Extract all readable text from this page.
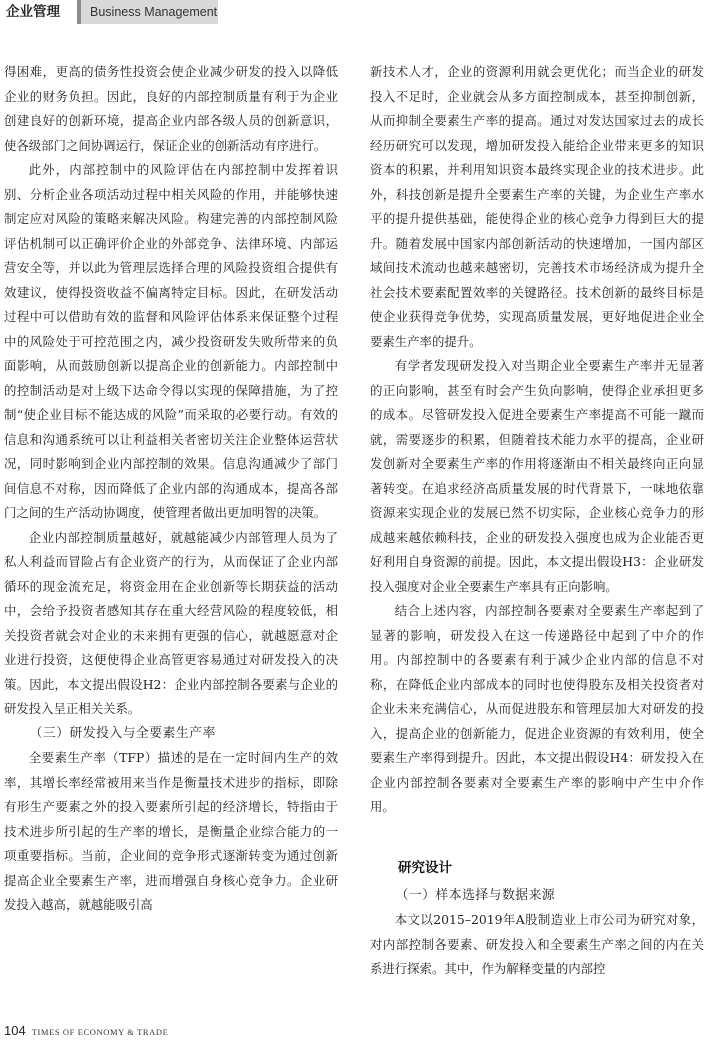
企业管理 Business Management

得困难，更高的债务性投资会使企业减少研发的投入以降低企业的财务负担。因此，良好的内部控制质量有利于为企业创建良好的创新环境，提高企业内部各级人员的创新意识，使各级部门之间协调运行，保证企业的创新活动有序进行。

此外，内部控制中的风险评估在内部控制中发挥着识别、分析企业各项活动过程中相关风险的作用，并能够快速制定应对风险的策略来解决风险。构建完善的内部控制风险评估机制可以正确评价企业的外部竞争、法律环境、内部运营安全等，并以此为管理层选择合理的风险投资组合提供有效建议，使得投资收益不偏离特定目标。因此，在研发活动过程中可以借助有效的监督和风险评估体系来保证整个过程中的风险处于可控范围之内，减少投资研发失败所带来的负面影响，从而鼓励创新以提高企业的创新能力。内部控制中的控制活动是对上级下达命令得以实现的保障措施，为了控制“使企业目标不能达成的风险”而采取的必要行动。有效的信息和沟通系统可以让利益相关者密切关注企业整体运营状况，同时影响到企业内部控制的效果。信息沟通减少了部门间信息不对称，因而降低了企业内部的沟通成本，提高各部门之间的生产活动协调度，使管理者做出更加明智的决策。

企业内部控制质量越好，就越能减少内部管理人员为了私人利益而冒险占有企业资产的行为，从而保证了企业内部循环的现金流充足，将资金用在企业创新等长期获益的活动中，会给予投资者感知其存在重大经营风险的程度较低，相关投资者就会对企业的未来拥有更强的信心，就越愿意对企业进行投资，这便使得企业高管更容易通过对研发投入的决策。因此，本文提出假设H2：企业内部控制各要素与企业的研发投入呈正相关关系。

（三）研发投入与全要素生产率

全要素生产率（TFP）描述的是在一定时间内生产的效率，其增长率经常被用来当作是衡量技术进步的指标，即除有形生产要素之外的投入要素所引起的经济增长，特指由于技术进步所引起的生产率的增长，是衡量企业综合能力的一项重要指标。当前，企业间的竞争形式逐渐转变为通过创新提高企业全要素生产率，进而增强自身核心竞争力。企业研发投入越高，就越能吸引高

新技术人才，企业的资源利用就会更优化；而当企业的研发投入不足时，企业就会从多方面控制成本，甚至抑制创新，从而抑制全要素生产率的提高。通过对发达国家过去的成长经历研究可以发现，增加研发投入能给企业带来更多的知识资本的积累，并利用知识资本最终实现企业的技术进步。此外，科技创新是提升全要素生产率的关键，为企业生产率水平的提升提供基础，能使得企业的核心竞争力得到巨大的提升。随着发展中国家内部创新活动的快速增加，一国内部区域间技术流动也越来越密切，完善技术市场经济成为提升全社会技术要素配置效率的关键路径。技术创新的最终目标是使企业获得竞争优势，实现高质量发展，更好地促进企业全要素生产率的提升。

有学者发现研发投入对当期企业全要素生产率并无显著的正向影响，甚至有时会产生负向影响，使得企业承担更多的成本。尽管研发投入促进全要素生产率提高不可能一蹴而就，需要逐步的积累，但随着技术能力水平的提高，企业研发创新对全要素生产率的作用将逐渐由不相关最终向正向显著转变。在追求经济高质量发展的时代背景下，一味地依靠资源来实现企业的发展已然不切实际，企业核心竞争力的形成越来越依赖科技，企业的研发投入强度也成为企业能否更好利用自身资源的前提。因此，本文提出假设H3：企业研发投入强度对企业全要素生产率具有正向影响。

结合上述内容，内部控制各要素对全要素生产率起到了显著的影响，研发投入在这一传递路径中起到了中介的作用。内部控制中的各要素有利于减少企业内部的信息不对称，在降低企业内部成本的同时也使得股东及相关投资者对企业未来充满信心，从而促进股东和管理层加大对研发的投入，提高企业的创新能力，促进企业资源的有效利用，使全要素生产率得到提升。因此，本文提出假设H4：研发投入在企业内部控制各要素对全要素生产率的影响中产生中介作用。

研究设计
（一）样本选择与数据来源

本文以2015–2019年A股制造业上市公司为研究对象，对内部控制各要素、研发投入和全要素生产率之间的内在关系进行探索。其中，作为解释变量的内部控

104 TIMES OF ECONOMY & TRADE
